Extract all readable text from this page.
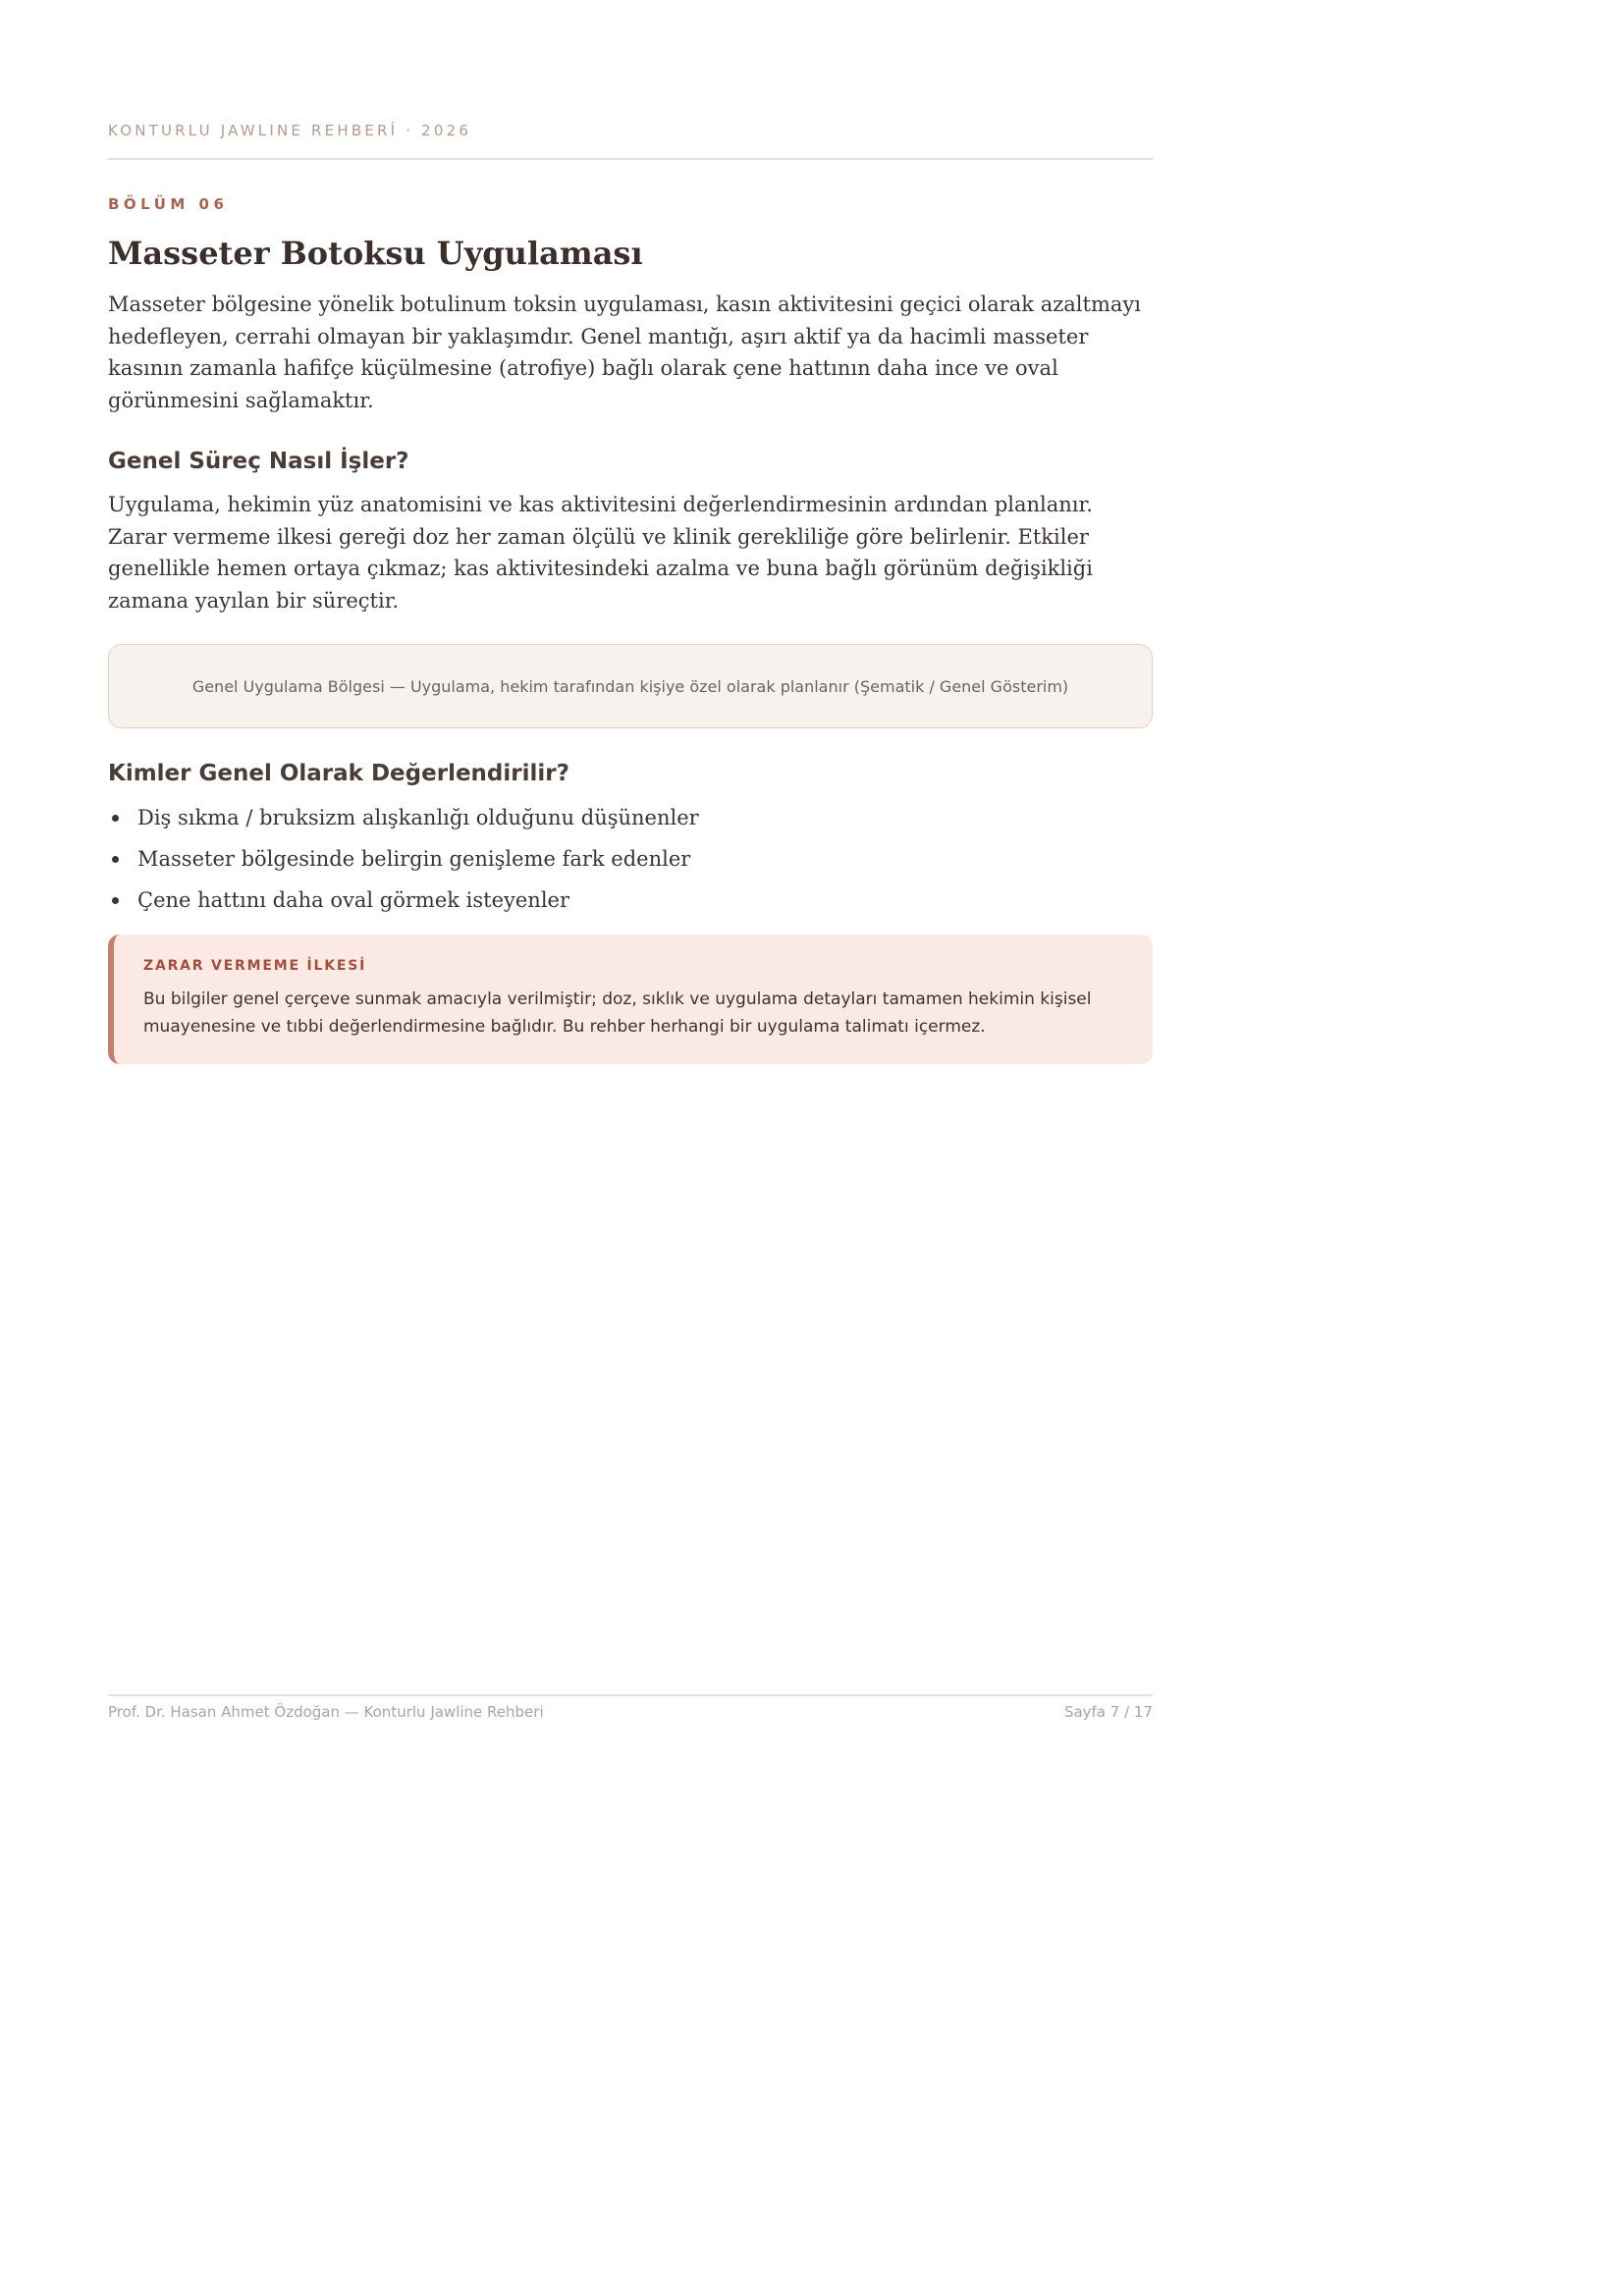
KONTURLU JAWLINE REHBERİ · 2026
BÖLÜM 06
Masseter Botoksu Uygulaması

Masseter bölgesine yönelik botulinum toksin uygulaması, kasın aktivitesini geçici olarak azaltmayı hedefleyen, cerrahi olmayan bir yaklaşımdır. Genel mantığı, aşırı aktif ya da hacimli masseter kasının zamanla hafifçe küçülmesine (atrofiye) bağlı olarak çene hattının daha ince ve oval görünmesini sağlamaktır.

Genel Süreç Nasıl İşler?

Uygulama, hekimin yüz anatomisini ve kas aktivitesini değerlendirmesinin ardından planlanır. Zarar vermeme ilkesi gereği doz her zaman ölçülü ve klinik gerekliliğe göre belirlenir. Etkiler genellikle hemen ortaya çıkmaz; kas aktivitesindeki azalma ve buna bağlı görünüm değişikliği zamana yayılan bir süreçtir.

Genel Uygulama Bölgesi — Uygulama, hekim tarafından kişiye özel olarak planlanır (Şematik / Genel Gösterim)
Kimler Genel Olarak Değerlendirilir?
Diş sıkma / bruksizm alışkanlığı olduğunu düşünenler
Masseter bölgesinde belirgin genişleme fark edenler
Çene hattını daha oval görmek isteyenler
ZARAR VERMEME İLKESİ

Bu bilgiler genel çerçeve sunmak amacıyla verilmiştir; doz, sıklık ve uygulama detayları tamamen hekimin kişisel muayenesine ve tıbbi değerlendirmesine bağlıdır. Bu rehber herhangi bir uygulama talimatı içermez.

Prof. Dr. Hasan Ahmet Özdoğan — Konturlu Jawline Rehberi	Sayfa 7 / 17
